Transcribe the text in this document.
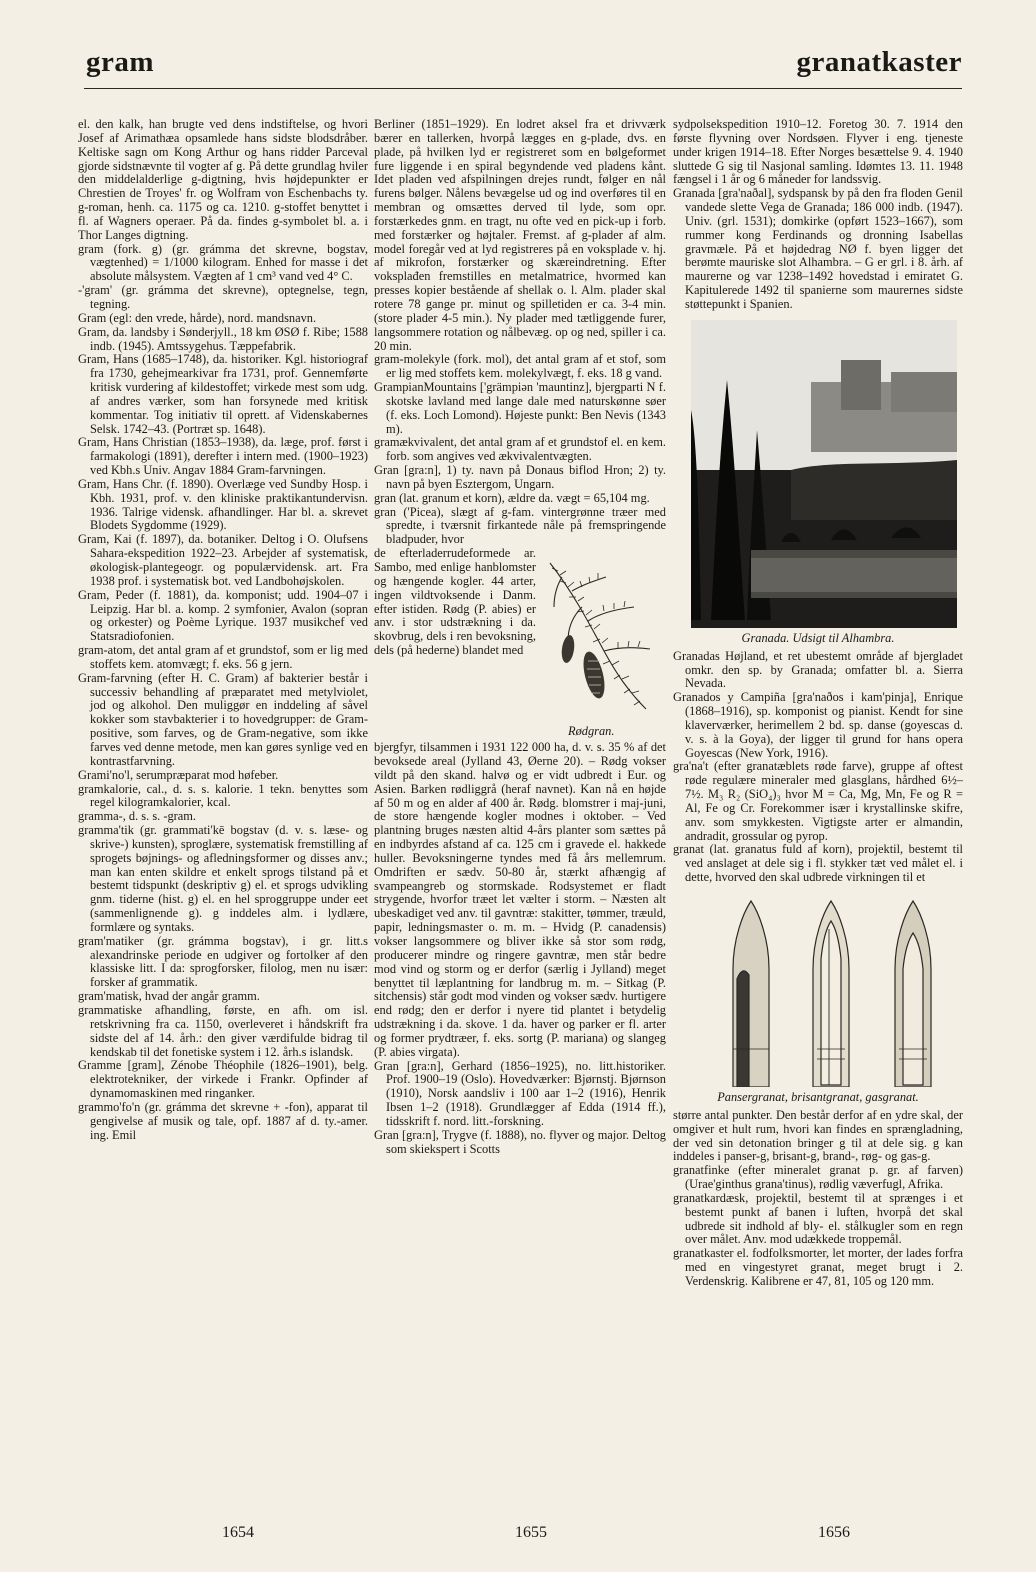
gram	granatkaster

el. den kalk, han brugte ved dens indstiftelse, og hvori Josef af Arimathæa opsamlede hans sidste blodsdråber. Keltiske sagn om Kong Arthur og hans ridder Parceval gjorde sidstnævnte til vogter af g. På dette grundlag hviler den middelalderlige g-digtning, hvis højdepunkter er Chrestien de Troyes' fr. og Wolfram von Eschenbachs ty. g-roman, henh. ca. 1175 og ca. 1210. g-stoffet benyttet i fl. af Wagners operaer. På da. findes g-symbolet bl. a. i Thor Langes digtning.

gram (fork. g) (gr. grámma det skrevne, bogstav, vægtenhed) = 1/1000 kilogram. Enhed for masse i det absolute målsystem. Vægten af 1 cm³ vand ved 4° C.

-'gram' (gr. grámma det skrevne), optegnelse, tegn, tegning.

Gram (egl: den vrede, hårde), nord. mandsnavn.

Gram, da. landsby i Sønderjyll., 18 km ØSØ f. Ribe; 1588 indb. (1945). Amtssygehus. Tæppefabrik.

Gram, Hans (1685–1748), da. historiker. Kgl. historiograf fra 1730, gehejmearkivar fra 1731, prof. Gennemførte kritisk vurdering af kildestoffet; virkede mest som udg. af andres værker, som han forsynede med kritisk kommentar. Tog initiativ til oprett. af Videnskabernes Selsk. 1742–43. (Portræt sp. 1648).

Gram, Hans Christian (1853–1938), da. læge, prof. først i farmakologi (1891), derefter i intern med. (1900–1923) ved Kbh.s Univ. Angav 1884 Gram-farvningen.

Gram, Hans Chr. (f. 1890). Overlæge ved Sundby Hosp. i Kbh. 1931, prof. v. den kliniske praktikantundervisn. 1936. Talrige vidensk. afhandlinger. Har bl. a. skrevet Blodets Sygdomme (1929).

Gram, Kai (f. 1897), da. botaniker. Deltog i O. Olufsens Sahara-ekspedition 1922–23. Arbejder af systematisk, økologisk-plantegeogr. og populærvidensk. art. Fra 1938 prof. i systematisk bot. ved Landbohøjskolen.

Gram, Peder (f. 1881), da. komponist; udd. 1904–07 i Leipzig. Har bl. a. komp. 2 symfonier, Avalon (sopran og orkester) og Poème Lyrique. 1937 musikchef ved Statsradiofonien.

gram-atom, det antal gram af et grundstof, som er lig med stoffets kem. atomvægt; f. eks. 56 g jern.

Gram-farvning (efter H. C. Gram) af bakterier består i successiv behandling af præparatet med metylviolet, jod og alkohol. Den muliggør en inddeling af såvel kokker som stavbakterier i to hovedgrupper: de Gram-positive, som farves, og de Gram-negative, som ikke farves ved denne metode, men kan gøres synlige ved en kontrastfarvning.

Grami'no'l, serumpræparat mod høfeber.

gramkalorie, cal., d. s. s. kalorie. 1 tekn. benyttes som regel kilogramkalorier, kcal.

gramma-, d. s. s. -gram.

gramma'tik (gr. grammati'kē bogstav (d. v. s. læse- og skrive-) kunsten), sproglære, systematisk fremstilling af sprogets bøjnings- og afledningsformer og disses anv.; man kan enten skildre et enkelt sprogs tilstand på et bestemt tidspunkt (deskriptiv g) el. et sprogs udvikling gnm. tiderne (hist. g) el. en hel sproggruppe under eet (sammenlignende g). g inddeles alm. i lydlære, formlære og syntaks.

gram'matiker (gr. grámma bogstav), i gr. litt.s alexandrinske periode en udgiver og fortolker af den klassiske litt. I da: sprogforsker, filolog, men nu især: forsker af grammatik.

gram'matisk, hvad der angår gramm.

grammatiske afhandling, første, en afh. om isl. retskrivning fra ca. 1150, overleveret i håndskrift fra sidste del af 14. årh.: den giver værdifulde bidrag til kendskab til det fonetiske system i 12. årh.s islandsk.

Gramme [gram], Zénobe Théophile (1826–1901), belg. elektrotekniker, der virkede i Frankr. Opfinder af dynamomaskinen med ringanker.

grammo'fo'n (gr. grámma det skrevne + -fon), apparat til gengivelse af musik og tale, opf. 1887 af d. ty.-amer. ing. Emil

Berliner (1851–1929). En lodret aksel fra et drivværk bærer en tallerken, hvorpå lægges en g-plade, dvs. en plade, på hvilken lyd er registreret som en bølgeformet fure liggende i en spiral begyndende ved pladens kånt. Idet pladen ved afspilningen drejes rundt, følger en nål furens bølger. Nålens bevægelse ud og ind overføres til en membran og omsættes derved til lyde, som opr. forstærkedes gnm. en tragt, nu ofte ved en pick-up i forb. med forstærker og højtaler. Fremst. af g-plader af alm. model foregår ved at lyd registreres på en voksplade v. hj. af mikrofon, forstærker og skæreindretning. Efter voksplađen fremstilles en metalmatrice, hvormed kan presses kopier bestående af shellak o. l. Alm. plader skal rotere 78 gange pr. minut og spilletiden er ca. 3-4 min. (store plader 4-5 min.). Ny plader med tætliggende furer, langsommere rotation og nålbevæg. op og ned, spiller i ca. 20 min.

gram-molekyle (fork. mol), det antal gram af et stof, som er lig med stoffets kem. molekylvægt, f. eks. 18 g vand.

GrampianMountains ['grämpiən 'mauntinz], bjergparti N f. skotske lavland med lange dale med naturskønne søer (f. eks. Loch Lomond). Højeste punkt: Ben Nevis (1343 m).

gramækvivalent, det antal gram af et grundstof el. en kem. forb. som angives ved ækvivalentvægten.

Gran [gra:n], 1) ty. navn på Donaus biflod Hron; 2) ty. navn på byen Esztergom, Ungarn.

gran (lat. granum et korn), ældre da. vægt = 65,104 mg.

gran ('Picea), slægt af g-fam. vintergrønne træer med spredte, i tværsnit firkantede nåle på fremspringende bladpuder, hvor

Rødgran.

de efterladerrudeformede ar. Sambo, med enlige hanblomster og hængende kogler. 44 arter, ingen vildtvoksende i Danm. efter istiden. Rødg (P. abies) er anv. i stor udstrækning i da. skovbrug, dels i ren bevoksning, dels (på hederne) blandet med

bjergfyr, tilsammen i 1931 122 000 ha, d. v. s. 35 % af det bevoksede areal (Jylland 43, Øerne 20). – Rødg vokser vildt på den skand. halvø og er vidt udbredt i Eur. og Asien. Barken rødliggrå (heraf navnet). Kan nå en højde af 50 m og en alder af 400 år. Rødg. blomstrer i maj-juni, de store hængende kogler modnes i oktober. – Ved plantning bruges næsten altid 4-års planter som sættes på en indbyrdes afstand af ca. 125 cm i gravede el. hakkede huller. Bevoksningerne tyndes med få års mellemrum. Omdriften er sædv. 50-80 år, stærkt afhængig af svampeangreb og stormskade. Rodsystemet er fladt strygende, hvorfor træet let vælter i storm. – Næsten alt ubeskadiget ved anv. til gavntræ: stakitter, tømmer, træuld, papir, ledningsmaster o. m. m. – Hvidg (P. canadensis) vokser langsommere og bliver ikke så stor som rødg, producerer mindre og ringere gavntræ, men står bedre mod vind og storm og er derfor (særlig i Jylland) meget benyttet til læplantning for landbrug m. m. – Sitkag (P. sitchensis) står godt mod vinden og vokser sædv. hurtigere end rødg; den er derfor i nyere tid plantet i betydelig udstrækning i da. skove. 1 da. haver og parker er fl. arter og former prydtræer, f. eks. sortg (P. mariana) og slangeg (P. abies virgata).

Gran [gra:n], Gerhard (1856–1925), no. litt.historiker. Prof. 1900–19 (Oslo). Hovedværker: Bjørnstj. Bjørnson (1910), Norsk aandsliv i 100 aar 1–2 (1916), Henrik Ibsen 1–2 (1918). Grundlægger af Edda (1914 ff.), tidsskrift f. nord. litt.-forskning.

Gran [gra:n], Trygve (f. 1888), no. flyver og major. Deltog som skiekspert i Scotts

sydpolsekspedition 1910–12. Foretog 30. 7. 1914 den første flyvning over Nordsøen. Flyver i eng. tjeneste under krigen 1914–18. Efter Norges besættelse 9. 4. 1940 sluttede G sig til Nasjonal samling. Idømtes 13. 11. 1948 fængsel i 1 år og 6 måneder for landssvig.

Granada [gra'naðal], sydspansk by på den fra floden Genil vandede slette Vega de Granada; 186 000 indb. (1947). Univ. (grl. 1531); domkirke (opført 1523–1667), som rummer kong Ferdinands og dronning Isabellas gravmæle. På et højdedrag NØ f. byen ligger det berømte mauriske slot Alhambra. – G er grl. i 8. årh. af maurerne og var 1238–1492 hovedstad i emiratet G. Kapitulerede 1492 til spanierne som maurernes sidste støttepunkt i Spanien.

Granada. Udsigt til Alhambra.

Granadas Højland, et ret ubestemt område af bjergladet omkr. den sp. by Granada; omfatter bl. a. Sierra Nevada.

Granados y Campiña [gra'naðos i kam'pinja], Enrique (1868–1916), sp. komponist og pianist. Kendt for sine klaverværker, herimellem 2 bd. sp. danse (goyescas d. v. s. à la Goya), der ligger til grund for hans opera Goyescas (New York, 1916).

gra'na't (efter granatæblets røde farve), gruppe af oftest røde regulære mineraler med glasglans, hårdhed 6½–7½. M₃ R₂ (SiO₄)₃ hvor M = Ca, Mg, Mn, Fe og R = Al, Fe og Cr. Forekommer især i krystallinske skifre, anv. som smykkesten. Vigtigste arter er almandin, andradit, grossular og pyrop.

granat (lat. granatus fuld af korn), projektil, bestemt til ved anslaget at dele sig i fl. stykker tæt ved målet el. i dette, hvorved den skal udbrede virkningen til et

Pansergranat, brisantgranat, gasgranat.

større antal punkter. Den består derfor af en ydre skal, der omgiver et hult rum, hvori kan findes en sprængladning, der ved sin detonation bringer g til at dele sig. g kan inddeles i panser-g, brisant-g, brand-, røg- og gas-g.

granatfinke (efter mineralet granat p. gr. af farven) (Urae'ginthus grana'tinus), rødlig væverfugl, Afrika.

granatkardæsk, projektil, bestemt til at sprænges i et bestemt punkt af banen i luften, hvorpå det skal udbrede sit indhold af bly- el. stålkugler som en regn over målet. Anv. mod udækkede troppemål.

granatkaster el. fodfolksmorter, let morter, der lades forfra med en vingestyret granat, meget brugt i 2. Verdenskrig. Kalibrene er 47, 81, 105 og 120 mm.

1654	1655	1656
